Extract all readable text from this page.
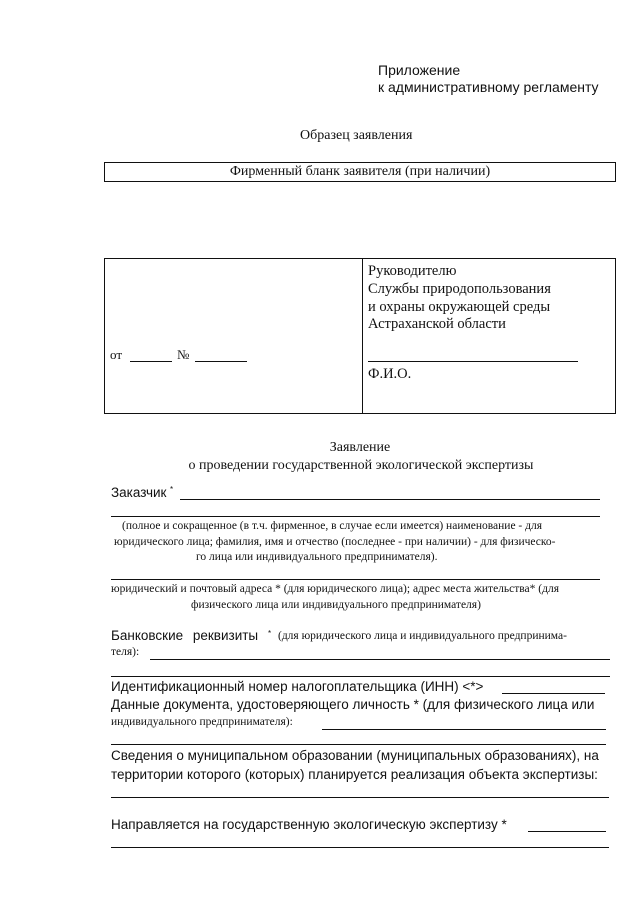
Приложение
к административному регламенту
Образец заявления
Фирменный бланк заявителя (при наличии)
Руководителю
Службы природопользования
и охраны окружающей среды
Астраханской области
Ф.И.О.
от	№
Заявление
о проведении государственной экологической экспертизы
Заказчик *
(полное и сокращенное (в т.ч. фирменное, в случае если имеется) наименование - для
юридического лица; фамилия, имя и отчество (последнее - при наличии) - для физическо-
го лица или индивидуального предпринимателя).
юридический и почтовый адреса * (для юридического лица); адрес места жительства* (для
физического лица или индивидуального предпринимателя)
Банковские реквизиты * (для юридического лица и индивидуального предпринима-
теля):
Идентификационный номер налогоплательщика (ИНН) <*>
Данные документа, удостоверяющего личность * (для физического лица или
индивидуального предпринимателя):
Сведения о муниципальном образовании (муниципальных образованиях), на
территории которого (которых) планируется реализация объекта экспертизы:
Направляется на государственную экологическую экспертизу *
